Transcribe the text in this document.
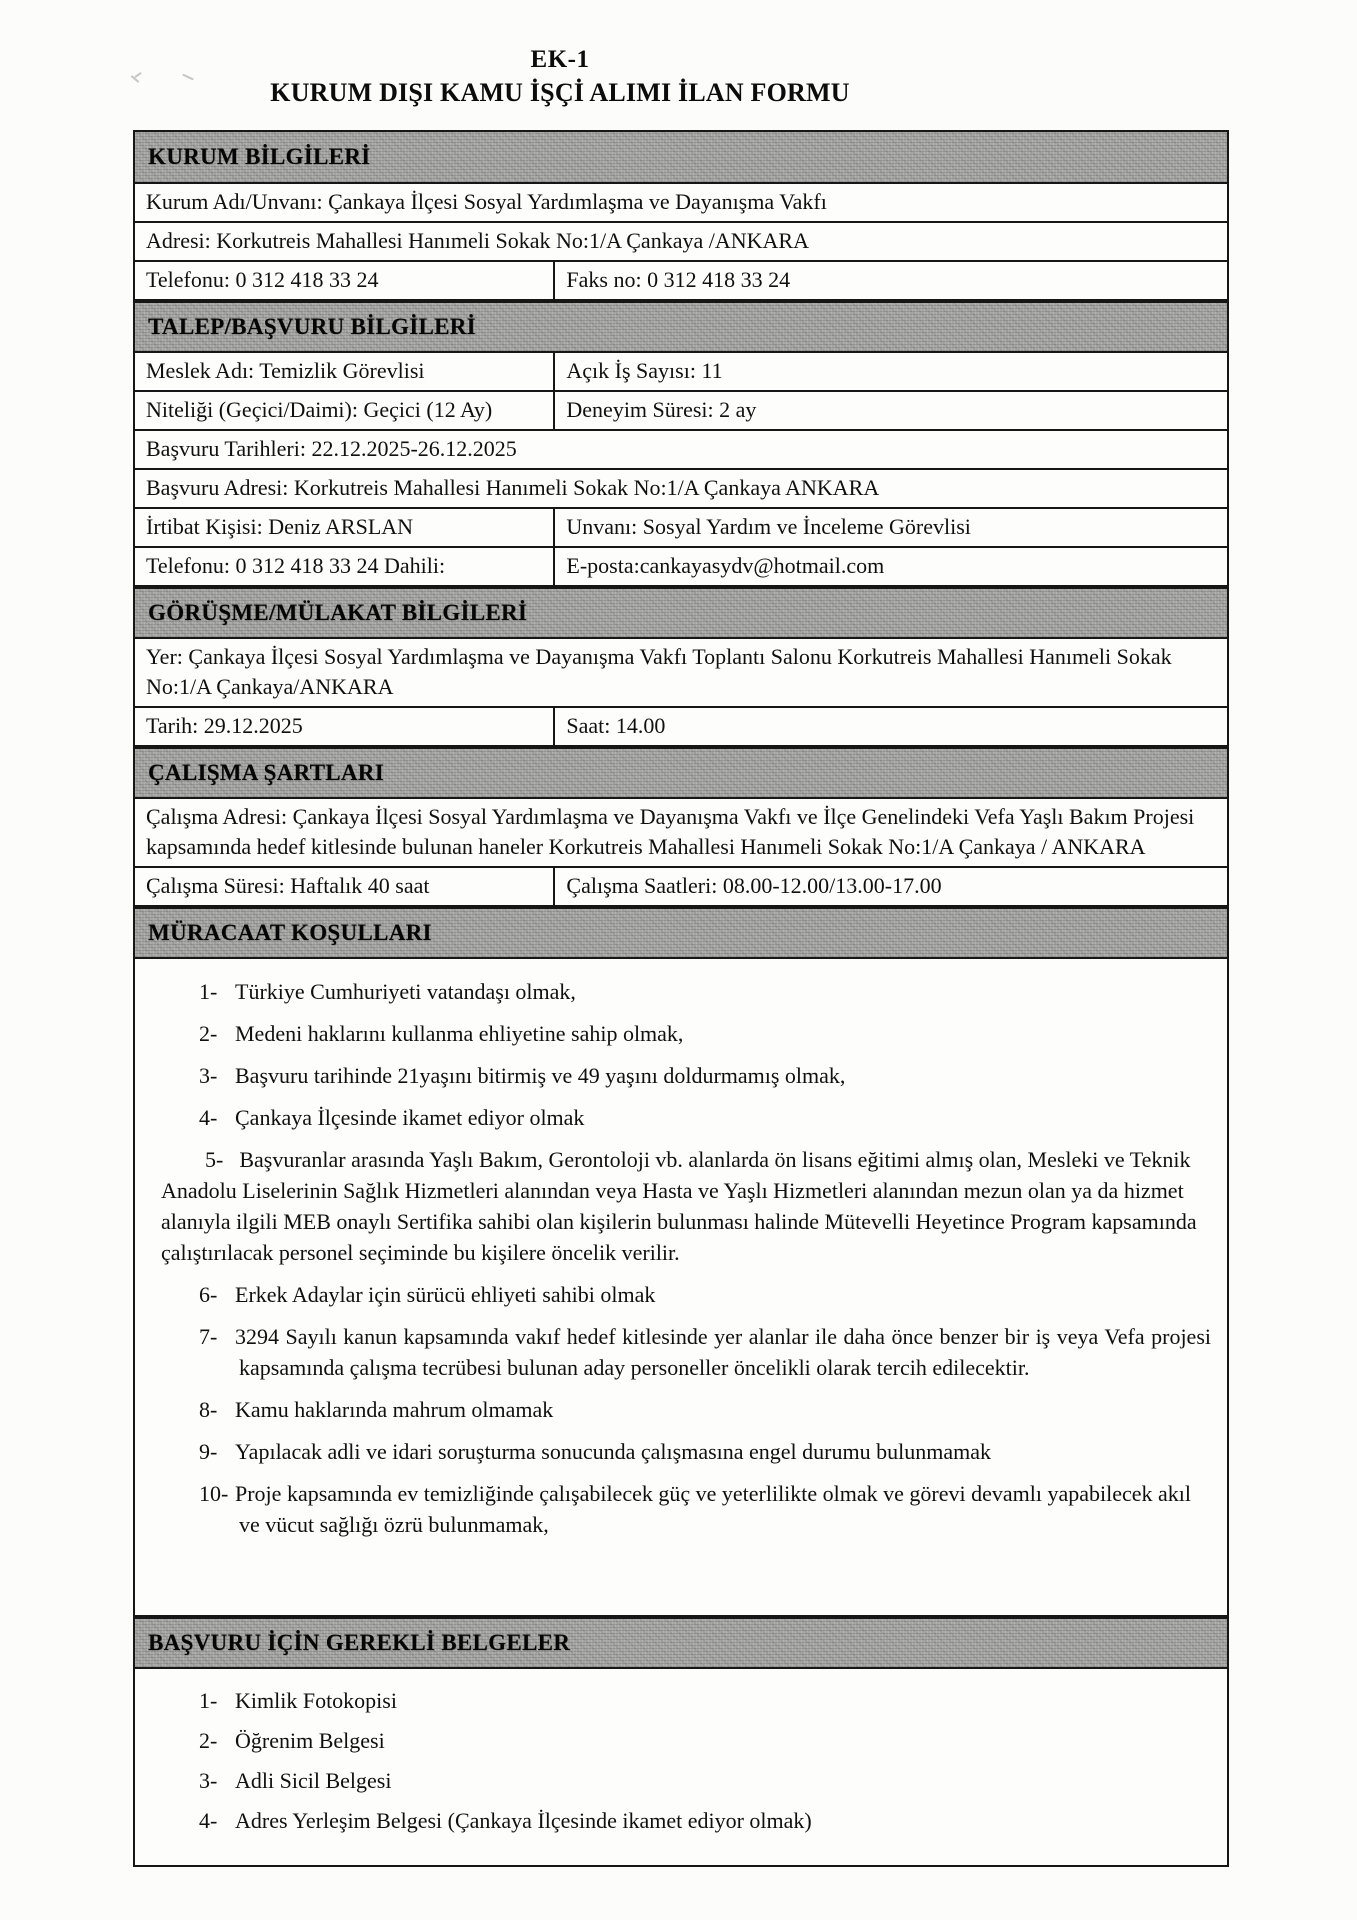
EK-1
KURUM DIŞI KAMU İŞÇİ ALIMI İLAN FORMU
KURUM BİLGİLERİ
Kurum Adı/Unvanı: Çankaya İlçesi Sosyal Yardımlaşma ve Dayanışma Vakfı
Adresi: Korkutreis Mahallesi Hanımeli Sokak No:1/A Çankaya /ANKARA
Telefonu: 0 312 418 33 24	Faks no: 0 312 418 33 24
TALEP/BAŞVURU BİLGİLERİ
Meslek Adı: Temizlik Görevlisi	Açık İş Sayısı: 11
Niteliği (Geçici/Daimi): Geçici (12 Ay)	Deneyim Süresi: 2 ay
Başvuru Tarihleri: 22.12.2025-26.12.2025
Başvuru Adresi: Korkutreis Mahallesi Hanımeli Sokak No:1/A Çankaya ANKARA
İrtibat Kişisi: Deniz ARSLAN	Unvanı: Sosyal Yardım ve İnceleme Görevlisi
Telefonu: 0 312 418 33 24 Dahili:	E-posta:cankayasydv@hotmail.com
GÖRÜŞME/MÜLAKAT BİLGİLERİ
Yer: Çankaya İlçesi Sosyal Yardımlaşma ve Dayanışma Vakfı Toplantı Salonu Korkutreis Mahallesi Hanımeli Sokak No:1/A Çankaya/ANKARA
Tarih: 29.12.2025	Saat: 14.00
ÇALIŞMA ŞARTLARI
Çalışma Adresi: Çankaya İlçesi Sosyal Yardımlaşma ve Dayanışma Vakfı ve İlçe Genelindeki Vefa Yaşlı Bakım Projesi kapsamında hedef kitlesinde bulunan haneler Korkutreis Mahallesi Hanımeli Sokak No:1/A Çankaya / ANKARA
Çalışma Süresi: Haftalık 40 saat	Çalışma Saatleri: 08.00-12.00/13.00-17.00
MÜRACAAT KOŞULLARI

1- Türkiye Cumhuriyeti vatandaşı olmak,

2- Medeni haklarını kullanma ehliyetine sahip olmak,

3- Başvuru tarihinde 21yaşını bitirmiş ve 49 yaşını doldurmamış olmak,

4- Çankaya İlçesinde ikamet ediyor olmak

5- Başvuranlar arasında Yaşlı Bakım, Gerontoloji vb. alanlarda ön lisans eğitimi almış olan, Mesleki ve Teknik Anadolu Liselerinin Sağlık Hizmetleri alanından veya Hasta ve Yaşlı Hizmetleri alanından mezun olan ya da hizmet alanıyla ilgili MEB onaylı Sertifika sahibi olan kişilerin bulunması halinde Mütevelli Heyetince Program kapsamında çalıştırılacak personel seçiminde bu kişilere öncelik verilir.

6- Erkek Adaylar için sürücü ehliyeti sahibi olmak

7- 3294 Sayılı kanun kapsamında vakıf hedef kitlesinde yer alanlar ile daha önce benzer bir iş veya Vefa projesi kapsamında çalışma tecrübesi bulunan aday personeller öncelikli olarak tercih edilecektir.

8- Kamu haklarında mahrum olmamak

9- Yapılacak adli ve idari soruşturma sonucunda çalışmasına engel durumu bulunmamak

10- Proje kapsamında ev temizliğinde çalışabilecek güç ve yeterlilikte olmak ve görevi devamlı yapabilecek akıl ve vücut sağlığı özrü bulunmamak,

BAŞVURU İÇİN GEREKLİ BELGELER

1- Kimlik Fotokopisi

2- Öğrenim Belgesi

3- Adli Sicil Belgesi

4- Adres Yerleşim Belgesi (Çankaya İlçesinde ikamet ediyor olmak)
